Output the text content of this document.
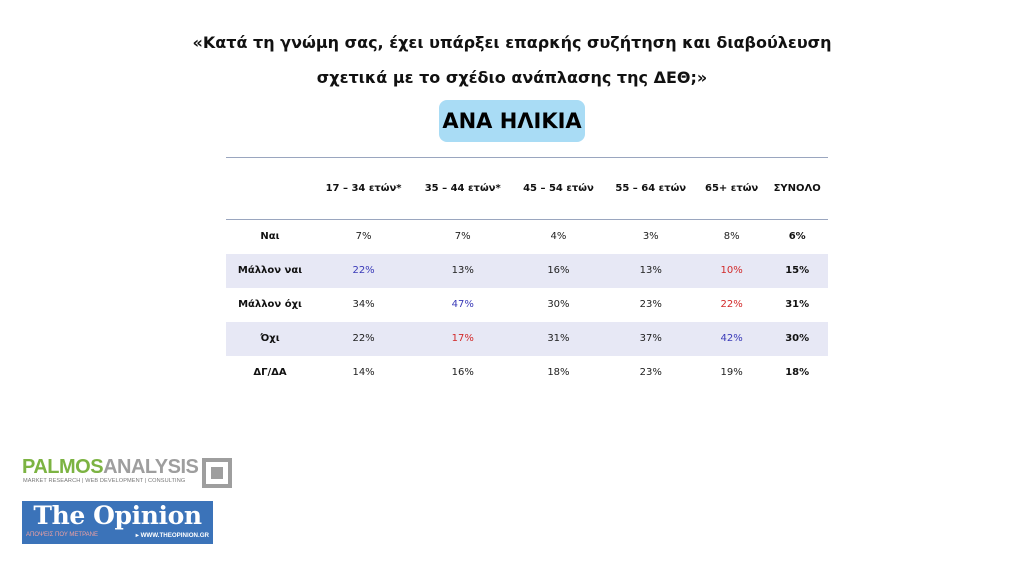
«Κατά τη γνώμη σας, έχει υπάρξει επαρκής συζήτηση και διαβούλευση
σχετικά με το σχέδιο ανάπλασης της ΔΕΘ;»
ΑΝΑ ΗΛΙΚΙΑ
	17 – 34 ετών*	35 – 44 ετών*	45 – 54 ετών	55 – 64 ετών	65+ ετών	ΣΥΝΟΛΟ
Ναι	7%	7%	4%	3%	8%	6%
Μάλλον ναι	22%	13%	16%	13%	10%	15%
Μάλλον όχι	34%	47%	30%	23%	22%	31%
Όχι	22%	17%	31%	37%	42%	30%
ΔΓ/ΔΑ	14%	16%	18%	23%	19%	18%
PALMOSANALYSIS
MARKET RESEARCH | WEB DEVELOPMENT | CONSULTING
The Opinion
ΑΠΟΨΕΙΣ ΠΟΥ ΜΕΤΡΑΝΕ	▸ WWW.THEOPINION.GR
